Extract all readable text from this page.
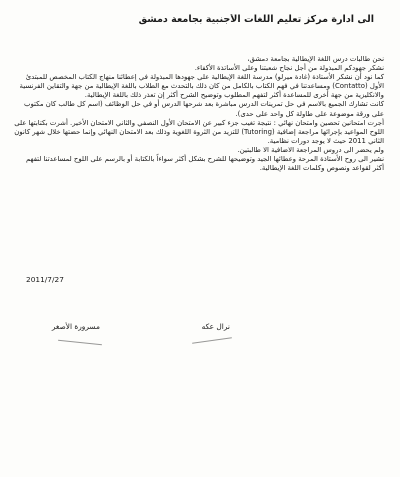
الى ادارة مركز تعليم اللغات الأجنبية بجامعة دمشق

نحن طالبات درس اللغة الإيطالية بجامعة دمشق،

نشكر جهودكم المبذولة من أجل نجاح شعبتنا وعلى الأساتذة الأكفاء.

كما نود أن نشكر الأستاذة (غادة ميرلو) مدرسة اللغة الإيطالية على جهودها المبذولة في إعطائنا منهاج الكتاب المخصص للمبتدئ الأول (Contatto) ومساعدتنا في فهم الكتاب بالكامل من كان ذلك بالتحدث مع الطلاب باللغة الإيطالية من جهة والتقاين الفرنسية والانكليزية من جهة أخرى للمساعدة أكثر لتفهم المطلوب وتوضيح الشرح أكثر إن تعذر ذلك باللغة الإيطالية.

كانت تشارك الجميع بالاسم في حل تمرينات الدرس مباشرة بعد شرحها الدرس أو في حل الوظائف (اسم كل طالب كان مكتوب على ورقة موضوعة على طاولة كل واحد على حدى).

أجرت امتحانين تحصين وامتحان نهائي : نتيجة تغيب جزء كبير عن الامتحان الأول النصفي والثاني الامتحان الأخير. أشرت بكتابتها على اللوح المواعيد بإجرائها مراجعة إضافية (Tutoring) للتزيد من الثروة اللغوية وذلك بعد الامتحان النهائي وإنما حضتها خلال شهر كانون الثاني 2011 حيث لا يوجد دورات نظامية.

ولم يحضر الى دروس المراجعة الاضافية الا طالبتين.

نشير الى روح الأستاذة المرحة وعطائها الجيد وتوضيحها للشرح بشكل أكثر سواءاً بالكتابة أو بالرسم على اللوح لمساعدتنا لتفهم أكثر لقواعد ونصوص وكلمات اللغة الإيطالية.

2011/7/27
نرال عكه
مسرورة الأصغر
